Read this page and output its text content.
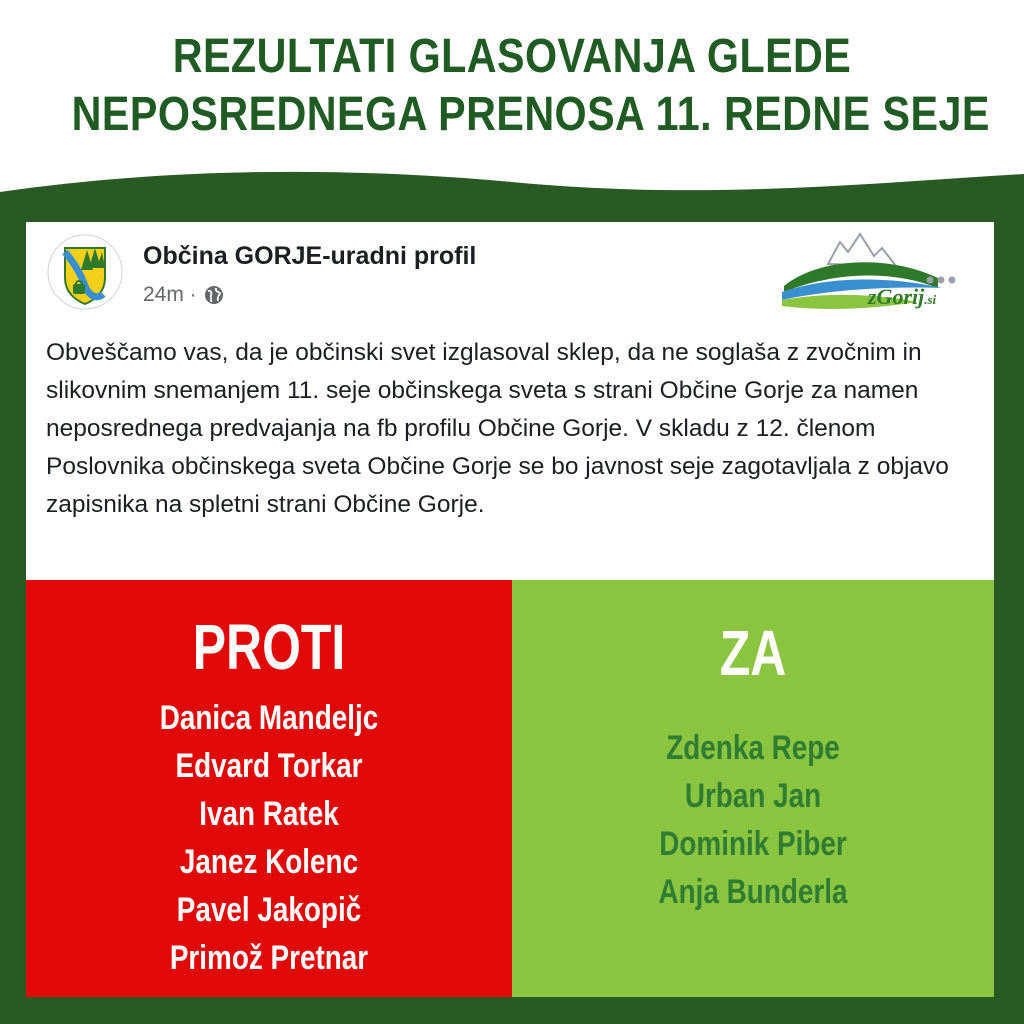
REZULTATI GLASOVANJA GLEDE
NEPOSREDNEGA PRENOSA 11. REDNE SEJE
Občina GORJE-uradni profil
24m ·	zGorij.si
Obveščamo vas, da je občinski svet izglasoval sklep, da ne soglaša z zvočnim in slikovnim snemanjem 11. seje občinskega sveta s strani Občine Gorje za namen neposrednega predvajanja na fb profilu Občine Gorje. V skladu z 12. členom Poslovnika občinskega sveta Občine Gorje se bo javnost seje zagotavljala z objavo zapisnika na spletni strani Občine Gorje.
PROTI
Danica Mandeljc
Edvard Torkar
Ivan Ratek
Janez Kolenc
Pavel Jakopič
Primož Pretnar
ZA
Zdenka Repe
Urban Jan
Dominik Piber
Anja Bunderla
